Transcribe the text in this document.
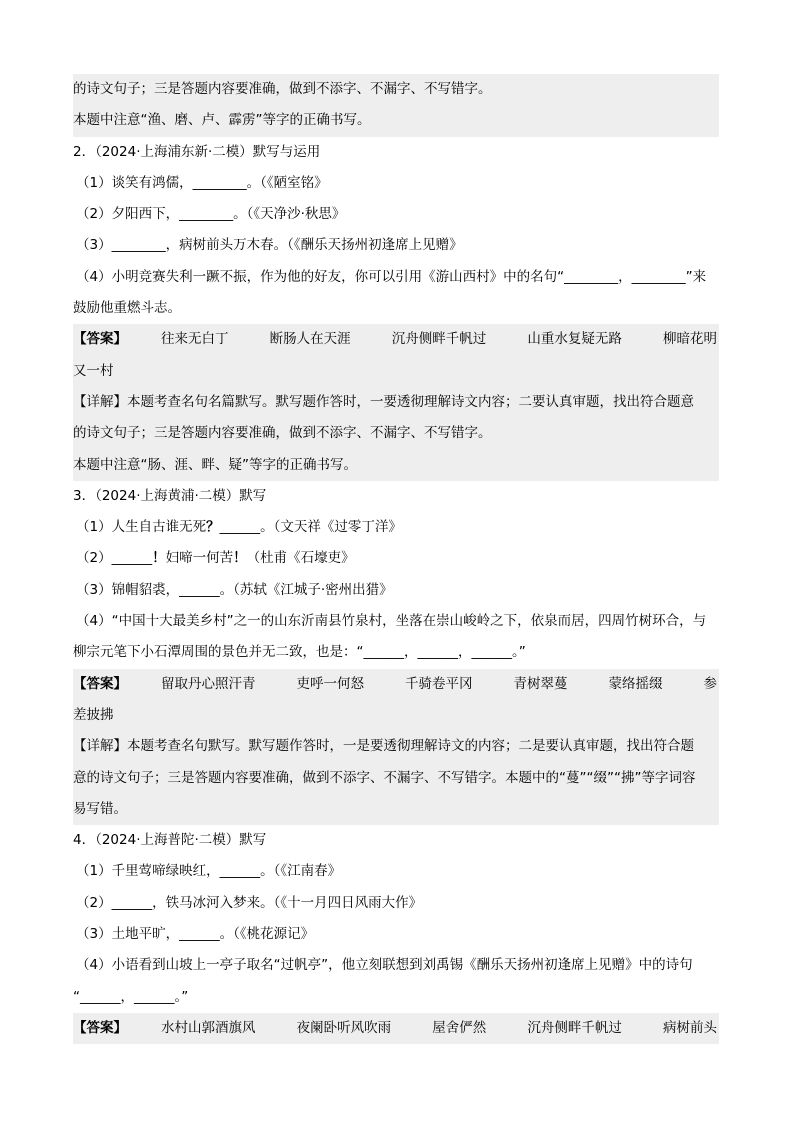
的诗文句子；三是答题内容要准确，做到不添字、不漏字、不写错字。
本题中注意“渔、磨、卢、霹雳”等字的正确书写。
2．（2024·上海浦东新·二模）默写与运用
（1）谈笑有鸿儒，________。（《陋室铭》
（2）夕阳西下，________。（《天净沙·秋思》
（3）________，病树前头万木春。（《酬乐天扬州初逢席上见赠》
（4）小明竞赛失利一蹶不振，作为他的好友，你可以引用《游山西村》中的名句“________，________”来
鼓励他重燃斗志。
【答案】	往来无白丁	断肠人在天涯	沉舟侧畔千帆过	山重水复疑无路	柳暗花明
又一村
【详解】本题考查名句名篇默写。默写题作答时，一要透彻理解诗文内容；二要认真审题，找出符合题意
的诗文句子；三是答题内容要准确，做到不添字、不漏字、不写错字。
本题中注意“肠、涯、畔、疑”等字的正确书写。
3．（2024·上海黄浦·二模）默写
（1）人生自古谁无死？______。（文天祥《过零丁洋》
（2）______！妇啼一何苦！（杜甫《石壕吏》
（3）锦帽貂裘，______。（苏轼《江城子·密州出猎》
（4）“中国十大最美乡村”之一的山东沂南县竹泉村，坐落在崇山峻岭之下，依泉而居，四周竹树环合，与
柳宗元笔下小石潭周围的景色并无二致，也是：“______，______，______。”
【答案】	留取丹心照汗青	吏呼一何怒	千骑卷平冈	青树翠蔓	蒙络摇缀	参
差披拂
【详解】本题考查名句默写。默写题作答时，一是要透彻理解诗文的内容；二是要认真审题，找出符合题
意的诗文句子；三是答题内容要准确，做到不添字、不漏字、不写错字。本题中的“蔓”“缀”“拂”等字词容
易写错。
4．（2024·上海普陀·二模）默写
（1）千里莺啼绿映红，______。（《江南春》
（2）______，铁马冰河入梦来。（《十一月四日风雨大作》
（3）土地平旷，______。（《桃花源记》
（4）小语看到山坡上一亭子取名“过帆亭”，他立刻联想到刘禹锡《酬乐天扬州初逢席上见赠》中的诗句
“______，______。”
【答案】	水村山郭酒旗风	夜阑卧听风吹雨	屋舍俨然	沉舟侧畔千帆过	病树前头
